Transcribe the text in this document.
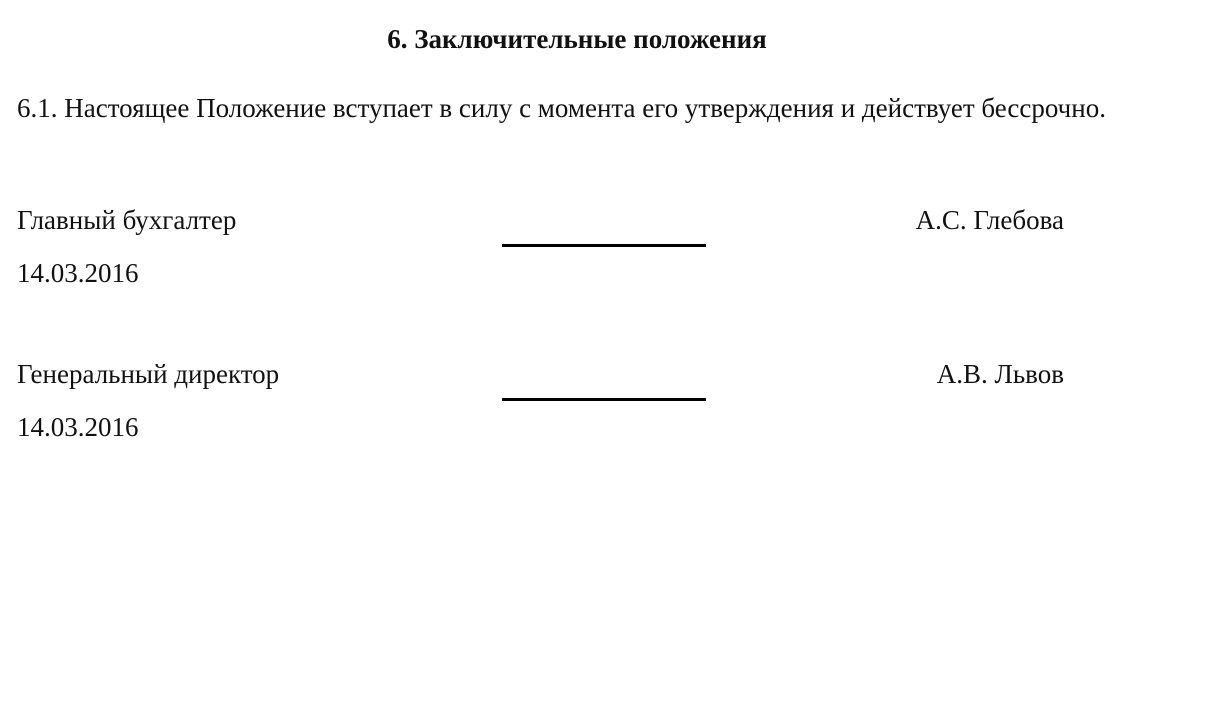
6. Заключительные положения

6.1. Настоящее Положение вступает в силу с момента его утверждения и действует бессрочно.

Главный бухгалтер	А.С. Глебова
14.03.2016
Генеральный директор	А.В. Львов
14.03.2016
